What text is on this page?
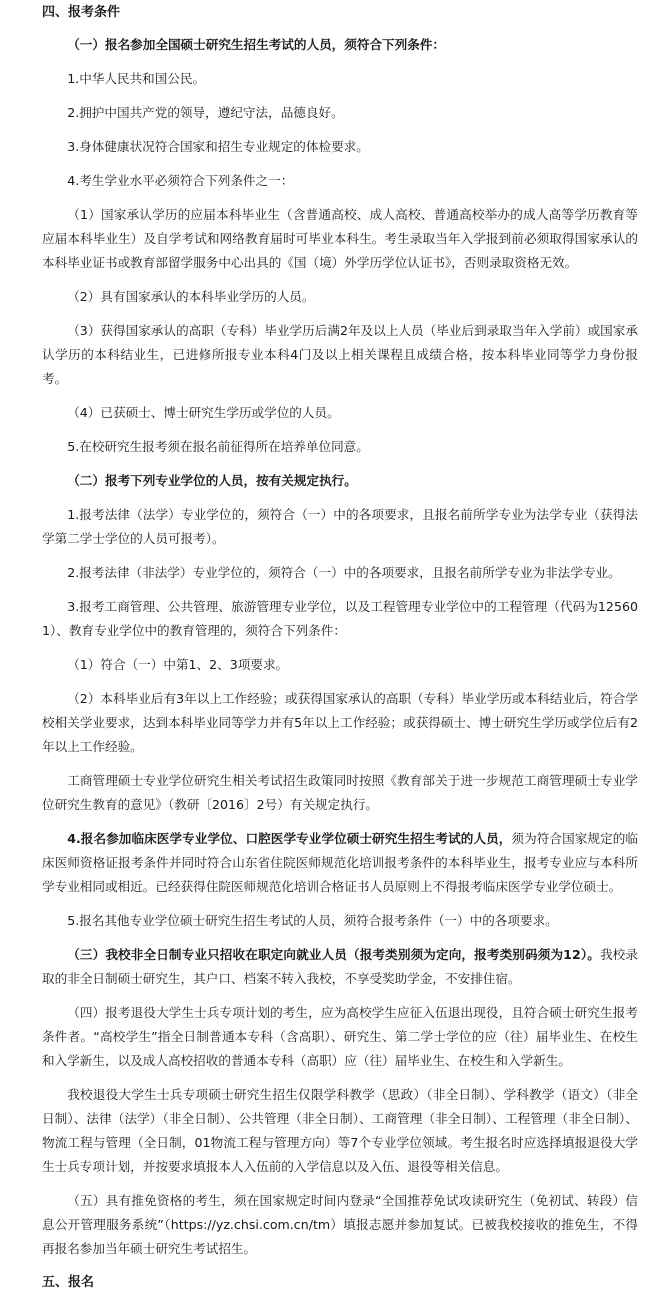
四、报考条件

（一）报名参加全国硕士研究生招生考试的人员，须符合下列条件：

1.中华人民共和国公民。

2.拥护中国共产党的领导，遵纪守法，品德良好。

3.身体健康状况符合国家和招生专业规定的体检要求。

4.考生学业水平必须符合下列条件之一：

（1）国家承认学历的应届本科毕业生（含普通高校、成人高校、普通高校举办的成人高等学历教育等应届本科毕业生）及自学考试和网络教育届时可毕业本科生。考生录取当年入学报到前必须取得国家承认的本科毕业证书或教育部留学服务中心出具的《国（境）外学历学位认证书》，否则录取资格无效。

（2）具有国家承认的本科毕业学历的人员。

（3）获得国家承认的高职（专科）毕业学历后满2年及以上人员（毕业后到录取当年入学前）或国家承认学历的本科结业生，已进修所报专业本科4门及以上相关课程且成绩合格，按本科毕业同等学力身份报考。

（4）已获硕士、博士研究生学历或学位的人员。

5.在校研究生报考须在报名前征得所在培养单位同意。

（二）报考下列专业学位的人员，按有关规定执行。

1.报考法律（法学）专业学位的，须符合（一）中的各项要求，且报名前所学专业为法学专业（获得法学第二学士学位的人员可报考）。

2.报考法律（非法学）专业学位的，须符合（一）中的各项要求，且报名前所学专业为非法学专业。

3.报考工商管理、公共管理、旅游管理专业学位，以及工程管理专业学位中的工程管理（代码为125601）、教育专业学位中的教育管理的，须符合下列条件：

（1）符合（一）中第1、2、3项要求。

（2）本科毕业后有3年以上工作经验；或获得国家承认的高职（专科）毕业学历或本科结业后，符合学校相关学业要求，达到本科毕业同等学力并有5年以上工作经验；或获得硕士、博士研究生学历或学位后有2年以上工作经验。

工商管理硕士专业学位研究生相关考试招生政策同时按照《教育部关于进一步规范工商管理硕士专业学位研究生教育的意见》（教研〔2016〕2号）有关规定执行。

4.报名参加临床医学专业学位、口腔医学专业学位硕士研究生招生考试的人员，须为符合国家规定的临床医师资格证报考条件并同时符合山东省住院医师规范化培训报考条件的本科毕业生，报考专业应与本科所学专业相同或相近。已经获得住院医师规范化培训合格证书人员原则上不得报考临床医学专业学位硕士。

5.报名其他专业学位硕士研究生招生考试的人员，须符合报考条件（一）中的各项要求。

（三）我校非全日制专业只招收在职定向就业人员（报考类别须为定向，报考类别码须为12）。我校录取的非全日制硕士研究生，其户口、档案不转入我校，不享受奖助学金，不安排住宿。

（四）报考退役大学生士兵专项计划的考生，应为高校学生应征入伍退出现役，且符合硕士研究生报考条件者。“高校学生”指全日制普通本专科（含高职）、研究生、第二学士学位的应（往）届毕业生、在校生和入学新生，以及成人高校招收的普通本专科（高职）应（往）届毕业生、在校生和入学新生。

我校退役大学生士兵专项硕士研究生招生仅限学科教学（思政）（非全日制）、学科教学（语文）（非全日制）、法律（法学）（非全日制）、公共管理（非全日制）、工商管理（非全日制）、工程管理（非全日制）、物流工程与管理（全日制，01物流工程与管理方向）等7个专业学位领域。考生报名时应选择填报退役大学生士兵专项计划，并按要求填报本人入伍前的入学信息以及入伍、退役等相关信息。

（五）具有推免资格的考生，须在国家规定时间内登录“全国推荐免试攻读研究生（免初试、转段）信息公开管理服务系统”（https://yz.chsi.com.cn/tm）填报志愿并参加复试。已被我校接收的推免生，不得再报名参加当年硕士研究生考试招生。

五、报名
